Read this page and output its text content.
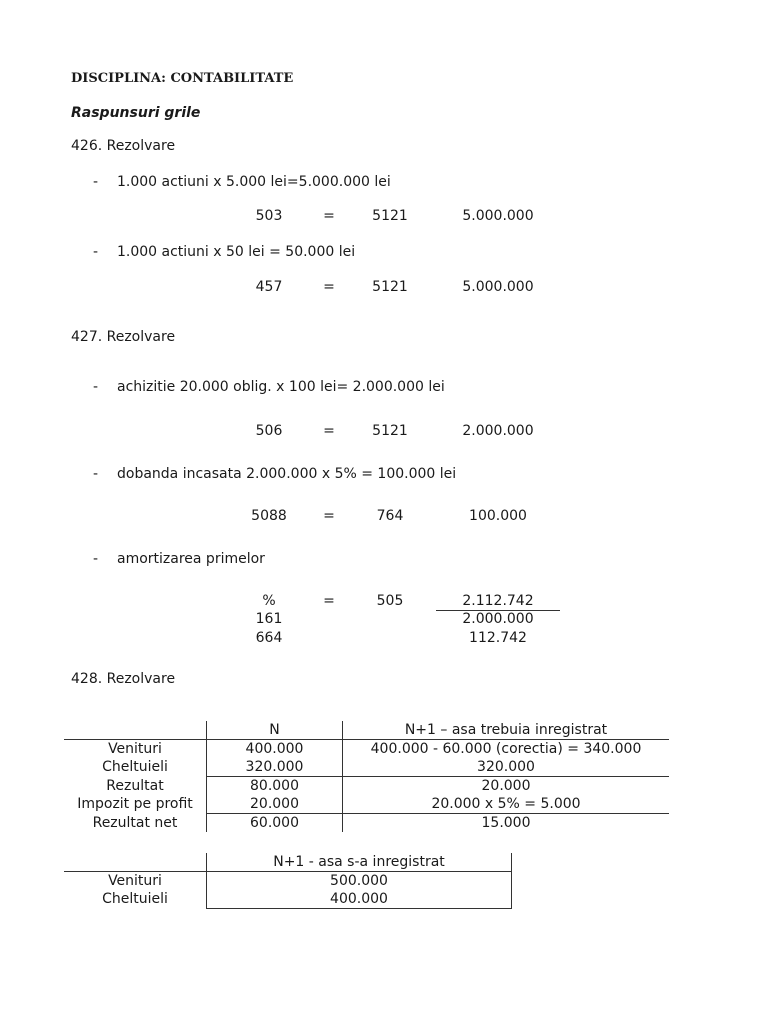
DISCIPLINA: CONTABILITATE
Raspunsuri grile
426. Rezolvare
-	1.000 actiuni x 5.000 lei=5.000.000 lei
503	=	5121	5.000.000
-	1.000 actiuni x 50 lei = 50.000 lei
457	=	5121	5.000.000
427. Rezolvare
-	achizitie 20.000 oblig. x 100 lei= 2.000.000 lei
506	=	5121	2.000.000
-	dobanda incasata 2.000.000 x 5% = 100.000 lei
5088	=	764	100.000
-	amortizarea primelor
%	=	505	2.112.742
161	2.000.000
664	112.742
428. Rezolvare
	N	N+1 – asa trebuia inregistrat
Venituri	400.000	400.000 - 60.000 (corectia) = 340.000
Cheltuieli	320.000	320.000
Rezultat	80.000	20.000
Impozit pe profit	20.000	20.000 x 5% = 5.000
Rezultat net	60.000	15.000
	N+1 - asa s-a inregistrat
Venituri	500.000
Cheltuieli	400.000
